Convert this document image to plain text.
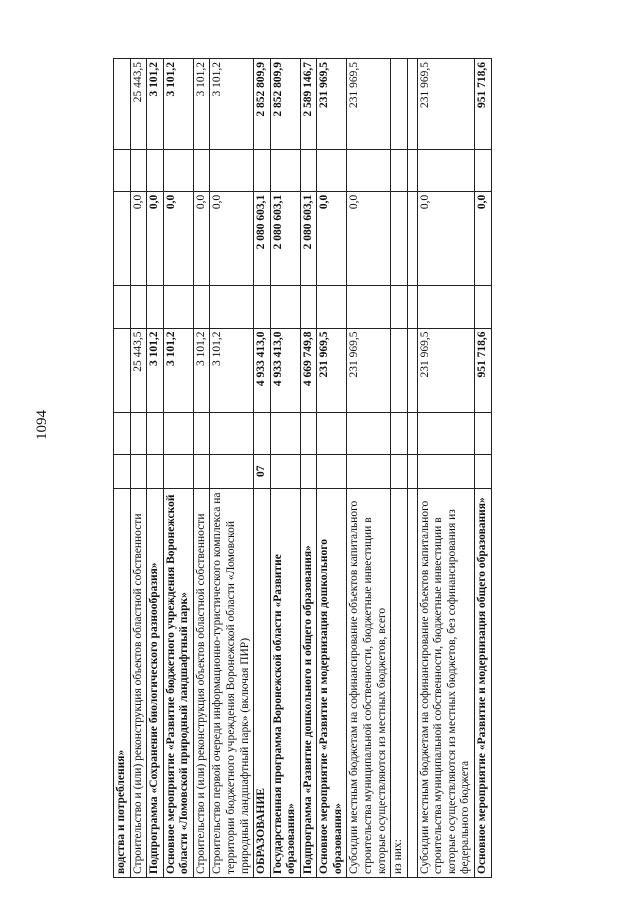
1094
водства и потребления»							
Строительство и (или) реконструкция объектов областной собственности			25 443,5		0,0		25 443,5
Подпрограмма «Сохранение биологического разнообразия»			3 101,2		0,0		3 101,2
Основное мероприятие «Развитие бюджетного учреждения Воронежской области «Ломовской природный ландшафтный парк»			3 101,2		0,0		3 101,2
Строительство и (или) реконструкция объектов областной собственности			3 101,2		0,0		3 101,2
Строительство первой очереди информационно-туристического комплекса на территории бюджетного учреждения Воронежской области «Ломовской природный ландшафтный парк» (включая ПИР)			3 101,2		0,0		3 101,2
ОБРАЗОВАНИЕ	07		4 933 413,0		2 080 603,1		2 852 809,9
Государственная программа Воронежской области «Развитие образования»			4 933 413,0		2 080 603,1		2 852 809,9
Подпрограмма «Развитие дошкольного и общего образования»			4 669 749,8		2 080 603,1		2 589 146,7
Основное мероприятие «Развитие и модернизация дошкольного образования»			231 969,5		0,0		231 969,5
Субсидии местным бюджетам на софинансирование объектов капитального строительства муниципальной собственности, бюджетные инвестиции в которые осуществляются из местных бюджетов, всего			231 969,5		0,0		231 969,5
из них:							

Субсидии местным бюджетам на софинансирование объектов капитального строительства муниципальной собственности, бюджетные инвестиции в которые осуществляются из местных бюджетов, без софинансирования из федерального бюджета			231 969,5		0,0		231 969,5
Основное мероприятие «Развитие и модернизация общего образования»			951 718,6		0,0		951 718,6
